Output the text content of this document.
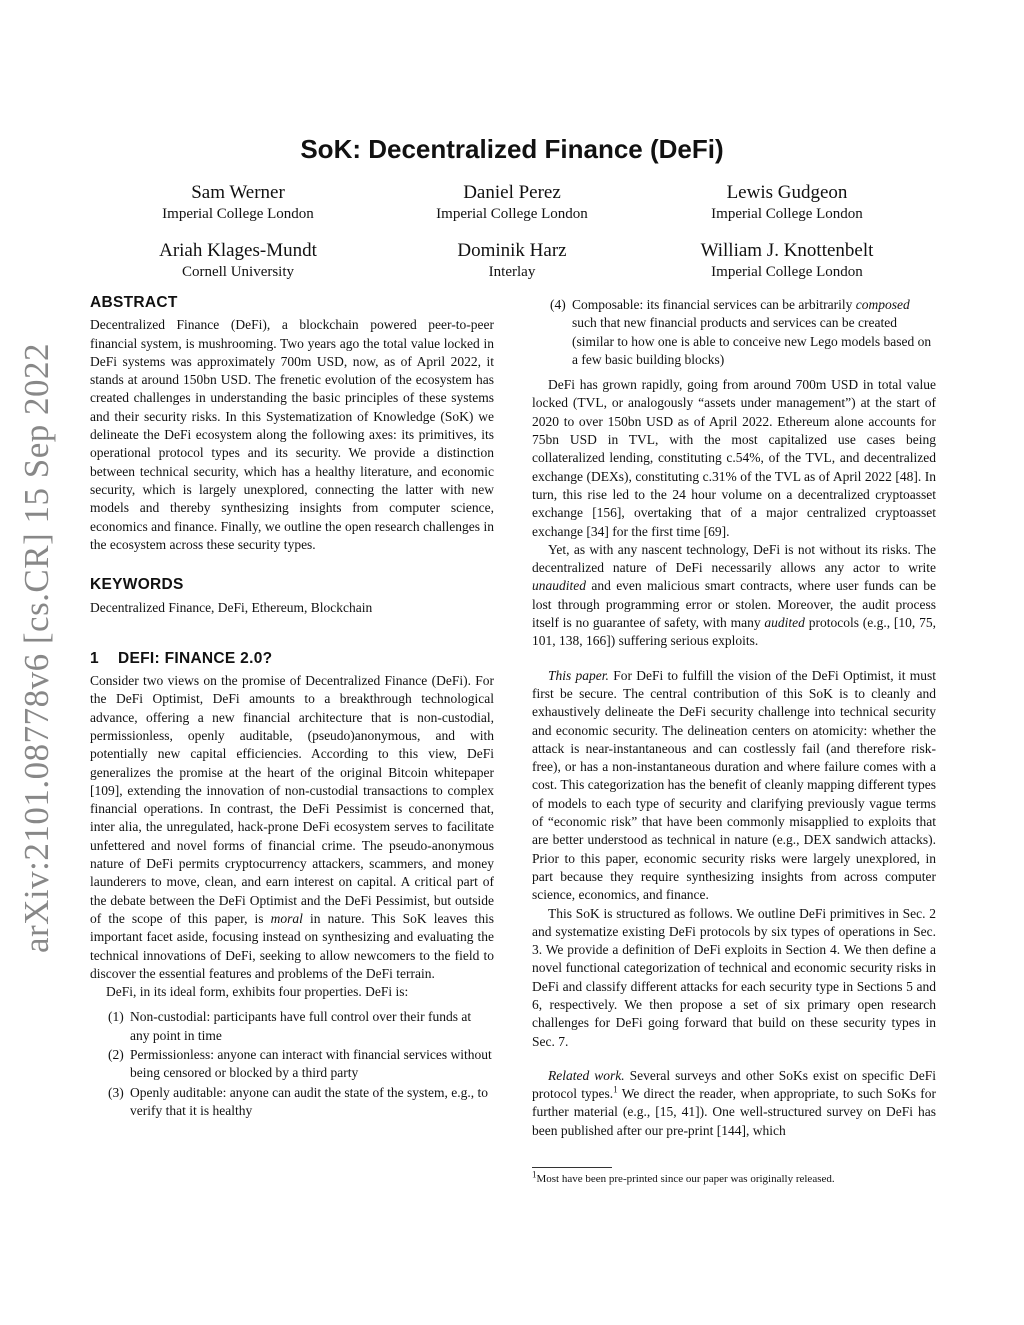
arXiv:2101.08778v6 [cs.CR] 15 Sep 2022
SoK: Decentralized Finance (DeFi)
Sam Werner
Imperial College London
Daniel Perez
Imperial College London
Lewis Gudgeon
Imperial College London
Ariah Klages-Mundt
Cornell University
Dominik Harz
Interlay
William J. Knottenbelt
Imperial College London
ABSTRACT

Decentralized Finance (DeFi), a blockchain powered peer-to-peer financial system, is mushrooming. Two years ago the total value locked in DeFi systems was approximately 700m USD, now, as of April 2022, it stands at around 150bn USD. The frenetic evolution of the ecosystem has created challenges in understanding the basic principles of these systems and their security risks. In this Systematization of Knowledge (SoK) we delineate the DeFi ecosystem along the following axes: its primitives, its operational protocol types and its security. We provide a distinction between technical security, which has a healthy literature, and economic security, which is largely unexplored, connecting the latter with new models and thereby synthesizing insights from computer science, economics and finance. Finally, we outline the open research challenges in the ecosystem across these security types.

KEYWORDS

Decentralized Finance, DeFi, Ethereum, Blockchain

1 DEFI: FINANCE 2.0?

Consider two views on the promise of Decentralized Finance (DeFi). For the DeFi Optimist, DeFi amounts to a breakthrough technological advance, offering a new financial architecture that is non-custodial, permissionless, openly auditable, (pseudo)anonymous, and with potentially new capital efficiencies. According to this view, DeFi generalizes the promise at the heart of the original Bitcoin whitepaper [109], extending the innovation of non-custodial transactions to complex financial operations. In contrast, the DeFi Pessimist is concerned that, inter alia, the unregulated, hack-prone DeFi ecosystem serves to facilitate unfettered and novel forms of financial crime. The pseudo-anonymous nature of DeFi permits cryptocurrency attackers, scammers, and money launderers to move, clean, and earn interest on capital. A critical part of the debate between the DeFi Optimist and the DeFi Pessimist, but outside of the scope of this paper, is moral in nature. This SoK leaves this important facet aside, focusing instead on synthesizing and evaluating the technical innovations of DeFi, seeking to allow newcomers to the field to discover the essential features and problems of the DeFi terrain.

DeFi, in its ideal form, exhibits four properties. DeFi is:

(1) Non-custodial: participants have full control over their funds at any point in time
(2) Permissionless: anyone can interact with financial services without being censored or blocked by a third party
(3) Openly auditable: anyone can audit the state of the system, e.g., to verify that it is healthy
(4) Composable: its financial services can be arbitrarily composed such that new financial products and services can be created (similar to how one is able to conceive new Lego models based on a few basic building blocks)

DeFi has grown rapidly, going from around 700m USD in total value locked (TVL, or analogously “assets under management”) at the start of 2020 to over 150bn USD as of April 2022. Ethereum alone accounts for 75bn USD in TVL, with the most capitalized use cases being collateralized lending, constituting c.54%, of the TVL, and decentralized exchange (DEXs), constituting c.31% of the TVL as of April 2022 [48]. In turn, this rise led to the 24 hour volume on a decentralized cryptoasset exchange [156], overtaking that of a major centralized cryptoasset exchange [34] for the first time [69].

Yet, as with any nascent technology, DeFi is not without its risks. The decentralized nature of DeFi necessarily allows any actor to write unaudited and even malicious smart contracts, where user funds can be lost through programming error or stolen. Moreover, the audit process itself is no guarantee of safety, with many audited protocols (e.g., [10, 75, 101, 138, 166]) suffering serious exploits.

This paper. For DeFi to fulfill the vision of the DeFi Optimist, it must first be secure. The central contribution of this SoK is to cleanly and exhaustively delineate the DeFi security challenge into technical security and economic security. The delineation centers on atomicity: whether the attack is near-instantaneous and can costlessly fail (and therefore risk-free), or has a non-instantaneous duration and where failure comes with a cost. This categorization has the benefit of cleanly mapping different types of models to each type of security and clarifying previously vague terms of “economic risk” that have been commonly misapplied to exploits that are better understood as technical in nature (e.g., DEX sandwich attacks). Prior to this paper, economic security risks were largely unexplored, in part because they require synthesizing insights from across computer science, economics, and finance.

This SoK is structured as follows. We outline DeFi primitives in Sec. 2 and systematize existing DeFi protocols by six types of operations in Sec. 3. We provide a definition of DeFi exploits in Section 4. We then define a novel functional categorization of technical and economic security risks in DeFi and classify different attacks for each security type in Sections 5 and 6, respectively. We then propose a set of six primary open research challenges for DeFi going forward that build on these security types in Sec. 7.

Related work. Several surveys and other SoKs exist on specific DeFi protocol types.$^1$ We direct the reader, when appropriate, to such SoKs for further material (e.g., [15, 41]). One well-structured survey on DeFi has been published after our pre-print [144], which

$^1$Most have been pre-printed since our paper was originally released.
